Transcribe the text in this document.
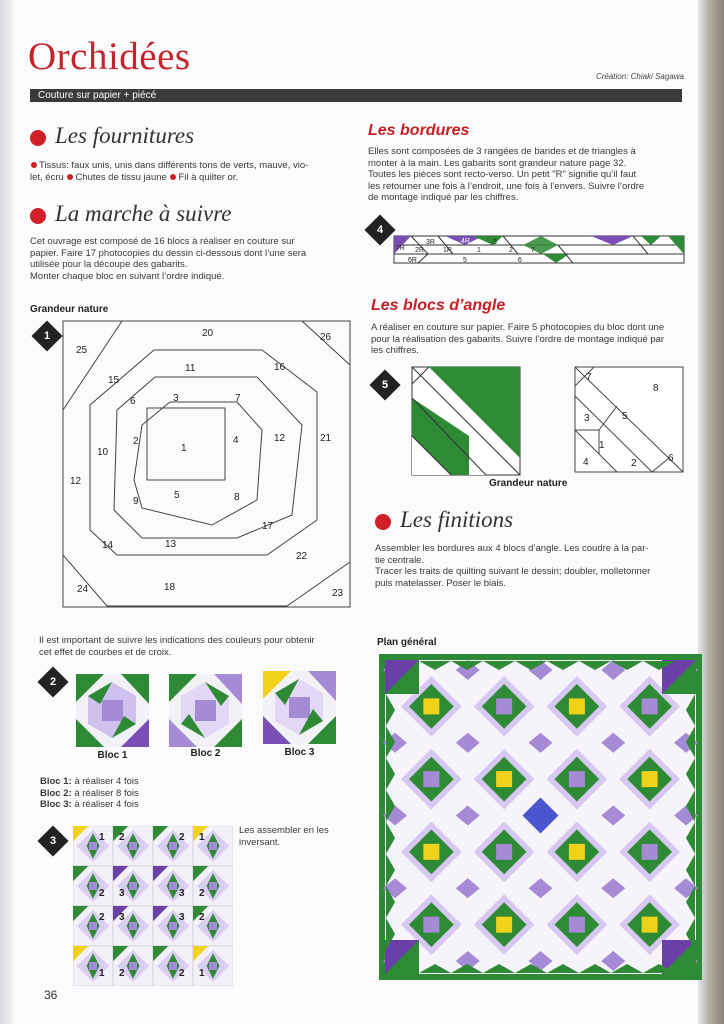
Orchidées	Création: Chiaki Sagawa
Couture sur papier + piécé
Les fournitures
Tissus: faux unis, unis dans différents tons de verts, mauve, vio-
let, écru Chutes de tissu jaune Fil à quilter or.
La marche à suivre
Cet ouvrage est composé de 16 blocs à réaliser en couture sur
papier. Faire 17 photocopies du dessin ci-dessous dont l’une sera
utilisée pour la découpe des gabarits.
Monter chaque bloc en suivant l’ordre indiqué.
Grandeur nature
1
25
20	26
15
11	16
6	3	7
2
1
4
10
12	21
12
9
5	8
17
14	13
22
24	18
23
Il est important de suivre les indications des couleurs pour obtenir
cet effet de courbes et de croix.
2
Bloc 1	Bloc 2	Bloc 3
Bloc 1: à réaliser 4 fois
Bloc 2: à réaliser 8 fois
Bloc 3: à réaliser 4 fois
3
Les assembler en les
inversant.
1 2	2 1
2 3	3 2
2 3	3 2
1 2	2 1
36
Les bordures
Elles sont composées de 3 rangées de bandes et de triangles à
monter à la main. Les gabarits sont grandeur nature page 32.
Toutes les pièces sont recto-verso. Un petit "R" signifie qu’il faut
les retourner une fois à l’endroit, une fois à l’envers. Suivre l’ordre
de montage indiqué par les chiffres.
4
7R 2R
3R
1R
4R	3
1	2	7
6R	5	6
Les blocs d’angle
A réaliser en couture sur papier. Faire 5 photocopies du bloc dont une
pour la réalisation des gabarits. Suivre l’ordre de montage indiqué par
les chiffres.
5
7
8
3	5
1
4	2	6
Grandeur nature
Les finitions
Assembler les bordures aux 4 blocs d’angle. Les coudre à la par-
tie centrale.
Tracer les traits de quilting suivant le dessin; doubler, molletonner
puis matelasser. Poser le biais.
Plan général
